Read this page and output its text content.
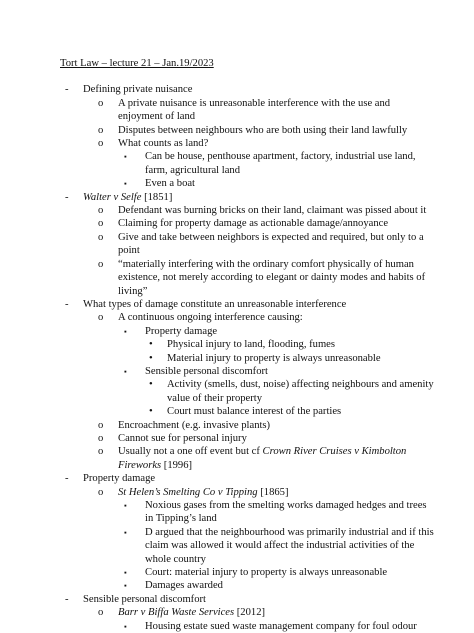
Tort Law – lecture 21 – Jan.19/2023
- Defining private nuisance
o A private nuisance is unreasonable interference with the use and enjoyment of land
o Disputes between neighbours who are both using their land lawfully
o What counts as land?
▪ Can be house, penthouse apartment, factory, industrial use land, farm, agricultural land
▪ Even a boat
- Walter v Selfe [1851]
o Defendant was burning bricks on their land, claimant was pissed about it
o Claiming for property damage as actionable damage/annoyance
o Give and take between neighbors is expected and required, but only to a point
o “materially interfering with the ordinary comfort physically of human existence, not merely according to elegant or dainty modes and habits of living”
- What types of damage constitute an unreasonable interference
o A continuous ongoing interference causing:
▪ Property damage
• Physical injury to land, flooding, fumes
• Material injury to property is always unreasonable
▪ Sensible personal discomfort
• Activity (smells, dust, noise) affecting neighbours and amenity value of their property
• Court must balance interest of the parties
o Encroachment (e.g. invasive plants)
o Cannot sue for personal injury
o Usually not a one off event but cf Crown River Cruises v Kimbolton Fireworks [1996]
- Property damage
o St Helen’s Smelting Co v Tipping [1865]
▪ Noxious gases from the smelting works damaged hedges and trees in Tipping’s land
▪ D argued that the neighbourhood was primarily industrial and if this claim was allowed it would affect the industrial activities of the whole country
▪ Court: material injury to property is always unreasonable
▪ Damages awarded
- Sensible personal discomfort
o Barr v Biffa Waste Services [2012]
▪ Housing estate sued waste management company for foul odour
